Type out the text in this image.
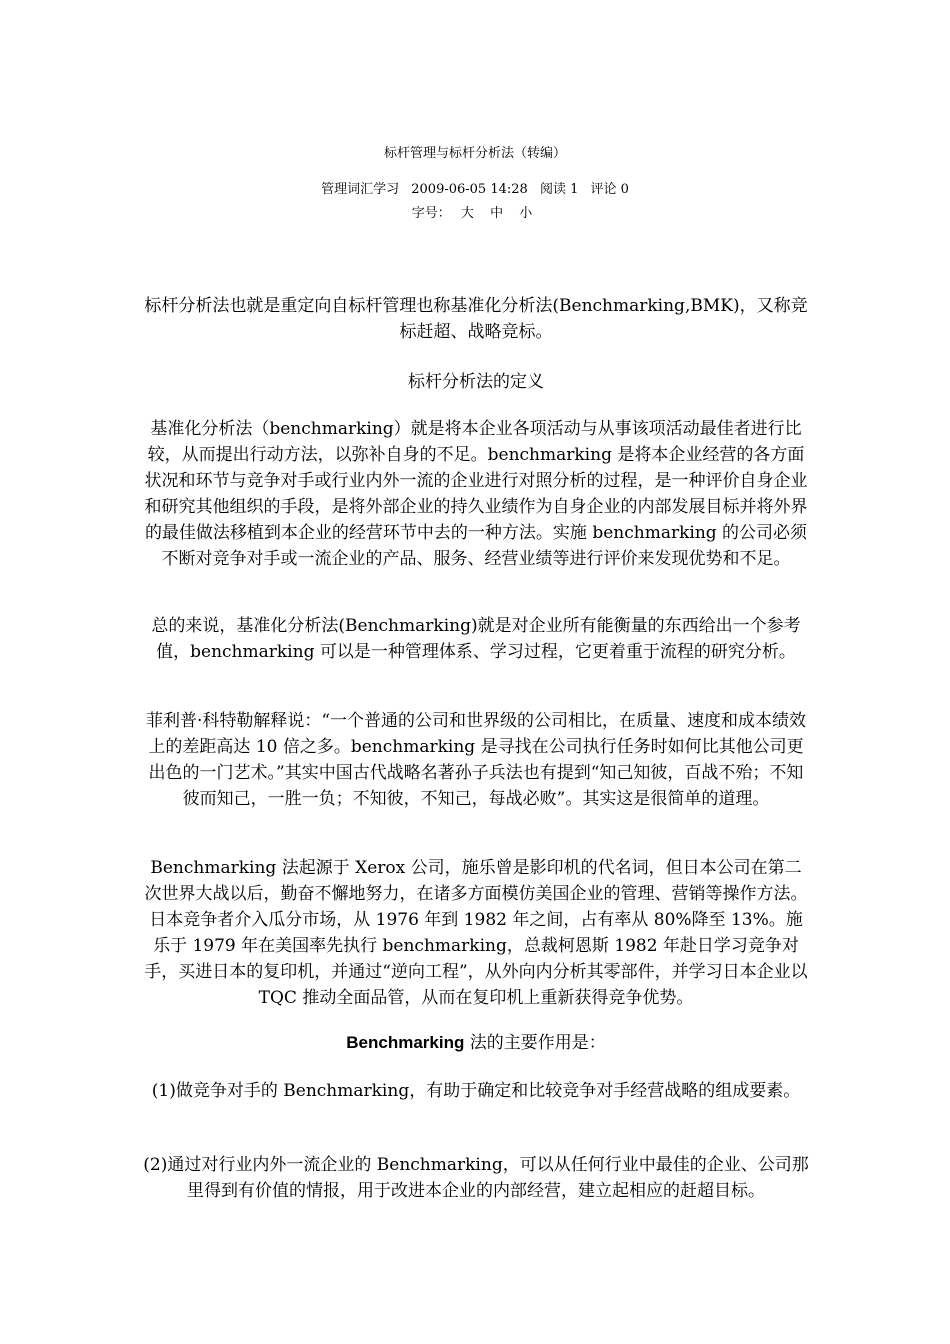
标杆管理与标杆分析法（转编）
管理词汇学习 2009-06-05 14:28 阅读 1 评论 0
字号： 大 中 小
标杆分析法也就是重定向自标杆管理也称基准化分析法(Benchmarking,BMK)，又称竞标赶超、战略竞标。
标杆分析法的定义
基准化分析法（benchmarking）就是将本企业各项活动与从事该项活动最佳者进行比较，从而提出行动方法，以弥补自身的不足。benchmarking 是将本企业经营的各方面状况和环节与竞争对手或行业内外一流的企业进行对照分析的过程，是一种评价自身企业和研究其他组织的手段，是将外部企业的持久业绩作为自身企业的内部发展目标并将外界的最佳做法移植到本企业的经营环节中去的一种方法。实施 benchmarking 的公司必须不断对竞争对手或一流企业的产品、服务、经营业绩等进行评价来发现优势和不足。
总的来说，基准化分析法(Benchmarking)就是对企业所有能衡量的东西给出一个参考值，benchmarking 可以是一种管理体系、学习过程，它更着重于流程的研究分析。
菲利普·科特勒解释说：“一个普通的公司和世界级的公司相比，在质量、速度和成本绩效上的差距高达 10 倍之多。benchmarking 是寻找在公司执行任务时如何比其他公司更出色的一门艺术。”其实中国古代战略名著孙子兵法也有提到“知己知彼，百战不殆；不知彼而知己，一胜一负；不知彼，不知己，每战必败”。其实这是很简单的道理。
Benchmarking 法起源于 Xerox 公司，施乐曾是影印机的代名词，但日本公司在第二次世界大战以后，勤奋不懈地努力，在诸多方面模仿美国企业的管理、营销等操作方法。日本竞争者介入瓜分市场，从 1976 年到 1982 年之间，占有率从 80%降至 13%。施乐于 1979 年在美国率先执行 benchmarking，总裁柯恩斯 1982 年赴日学习竞争对手，买进日本的复印机，并通过“逆向工程”，从外向内分析其零部件，并学习日本企业以 TQC 推动全面品管，从而在复印机上重新获得竞争优势。
Benchmarking 法的主要作用是：
(1)做竞争对手的 Benchmarking，有助于确定和比较竞争对手经营战略的组成要素。
(2)通过对行业内外一流企业的 Benchmarking，可以从任何行业中最佳的企业、公司那里得到有价值的情报，用于改进本企业的内部经营，建立起相应的赶超目标。
